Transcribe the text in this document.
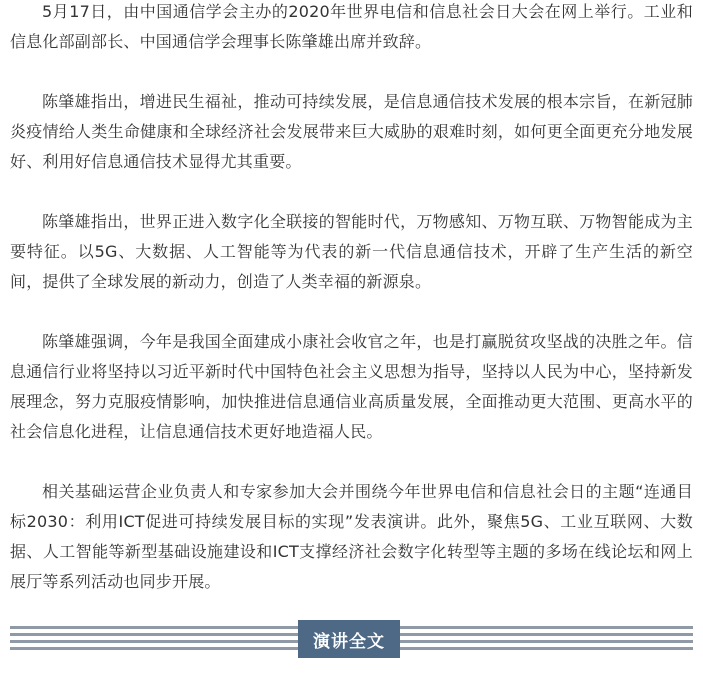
5月17日，由中国通信学会主办的2020年世界电信和信息社会日大会在网上举行。工业和信息化部副部长、中国通信学会理事长陈肇雄出席并致辞。

陈肇雄指出，增进民生福祉，推动可持续发展，是信息通信技术发展的根本宗旨，在新冠肺炎疫情给人类生命健康和全球经济社会发展带来巨大威胁的艰难时刻，如何更全面更充分地发展好、利用好信息通信技术显得尤其重要。

陈肇雄指出，世界正进入数字化全联接的智能时代，万物感知、万物互联、万物智能成为主要特征。以5G、大数据、人工智能等为代表的新一代信息通信技术，开辟了生产生活的新空间，提供了全球发展的新动力，创造了人类幸福的新源泉。

陈肇雄强调，今年是我国全面建成小康社会收官之年，也是打赢脱贫攻坚战的决胜之年。信息通信行业将坚持以习近平新时代中国特色社会主义思想为指导，坚持以人民为中心，坚持新发展理念，努力克服疫情影响，加快推进信息通信业高质量发展，全面推动更大范围、更高水平的社会信息化进程，让信息通信技术更好地造福人民。

相关基础运营企业负责人和专家参加大会并围绕今年世界电信和信息社会日的主题“连通目标2030：利用ICT促进可持续发展目标的实现”发表演讲。此外，聚焦5G、工业互联网、大数据、人工智能等新型基础设施建设和ICT支撑经济社会数字化转型等主题的多场在线论坛和网上展厅等系列活动也同步开展。

演讲全文
